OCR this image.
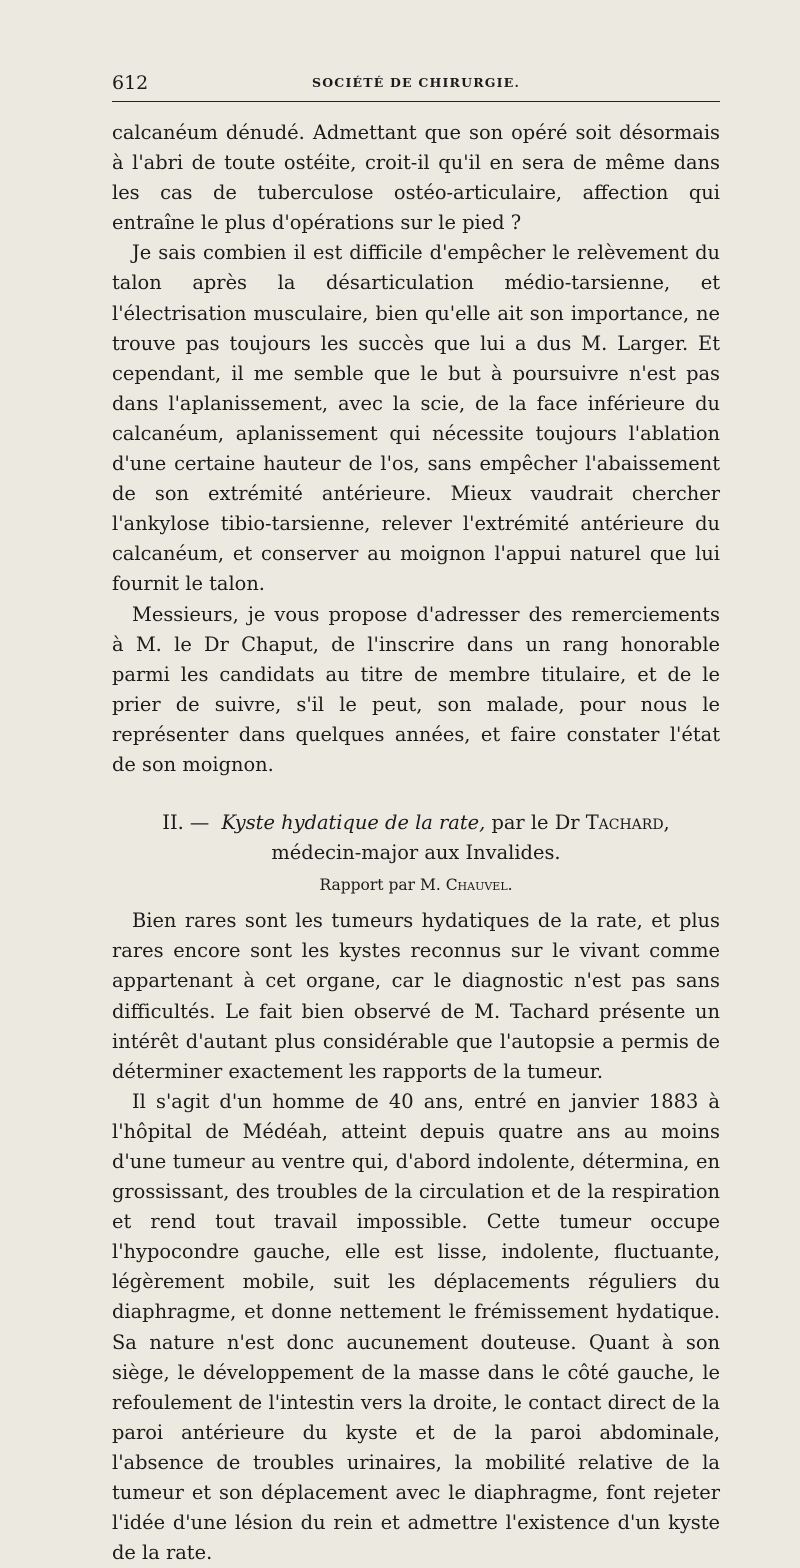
612	SOCIÉTÉ DE CHIRURGIE.

calcanéum dénudé. Admettant que son opéré soit désormais à l'abri de toute ostéite, croit-il qu'il en sera de même dans les cas de tuberculose ostéo-articulaire, affection qui entraîne le plus d'opérations sur le pied ?

Je sais combien il est difficile d'empêcher le relèvement du talon après la désarticulation médio-tarsienne, et l'électrisation musculaire, bien qu'elle ait son importance, ne trouve pas toujours les succès que lui a dus M. Larger. Et cependant, il me semble que le but à poursuivre n'est pas dans l'aplanissement, avec la scie, de la face inférieure du calcanéum, aplanissement qui nécessite toujours l'ablation d'une certaine hauteur de l'os, sans empêcher l'abaissement de son extrémité antérieure. Mieux vaudrait chercher l'ankylose tibio-tarsienne, relever l'extrémité antérieure du calcanéum, et conserver au moignon l'appui naturel que lui fournit le talon.

Messieurs, je vous propose d'adresser des remerciements à M. le Dr Chaput, de l'inscrire dans un rang honorable parmi les candidats au titre de membre titulaire, et de le prier de suivre, s'il le peut, son malade, pour nous le représenter dans quelques années, et faire constater l'état de son moignon.

II. — Kyste hydatique de la rate, par le Dr Tachard,

médecin-major aux Invalides.

Rapport par M. Chauvel.

Bien rares sont les tumeurs hydatiques de la rate, et plus rares encore sont les kystes reconnus sur le vivant comme appartenant à cet organe, car le diagnostic n'est pas sans difficultés. Le fait bien observé de M. Tachard présente un intérêt d'autant plus considérable que l'autopsie a permis de déterminer exactement les rapports de la tumeur.

Il s'agit d'un homme de 40 ans, entré en janvier 1883 à l'hôpital de Médéah, atteint depuis quatre ans au moins d'une tumeur au ventre qui, d'abord indolente, détermina, en grossissant, des troubles de la circulation et de la respiration et rend tout travail impossible. Cette tumeur occupe l'hypocondre gauche, elle est lisse, indolente, fluctuante, légèrement mobile, suit les déplacements réguliers du diaphragme, et donne nettement le frémissement hydatique. Sa nature n'est donc aucunement douteuse. Quant à son siège, le développement de la masse dans le côté gauche, le refoulement de l'intestin vers la droite, le contact direct de la paroi antérieure du kyste et de la paroi abdominale, l'absence de troubles urinaires, la mobilité relative de la tumeur et son déplacement avec le diaphragme, font rejeter l'idée d'une lésion du rein et admettre l'existence d'un kyste de la rate.
